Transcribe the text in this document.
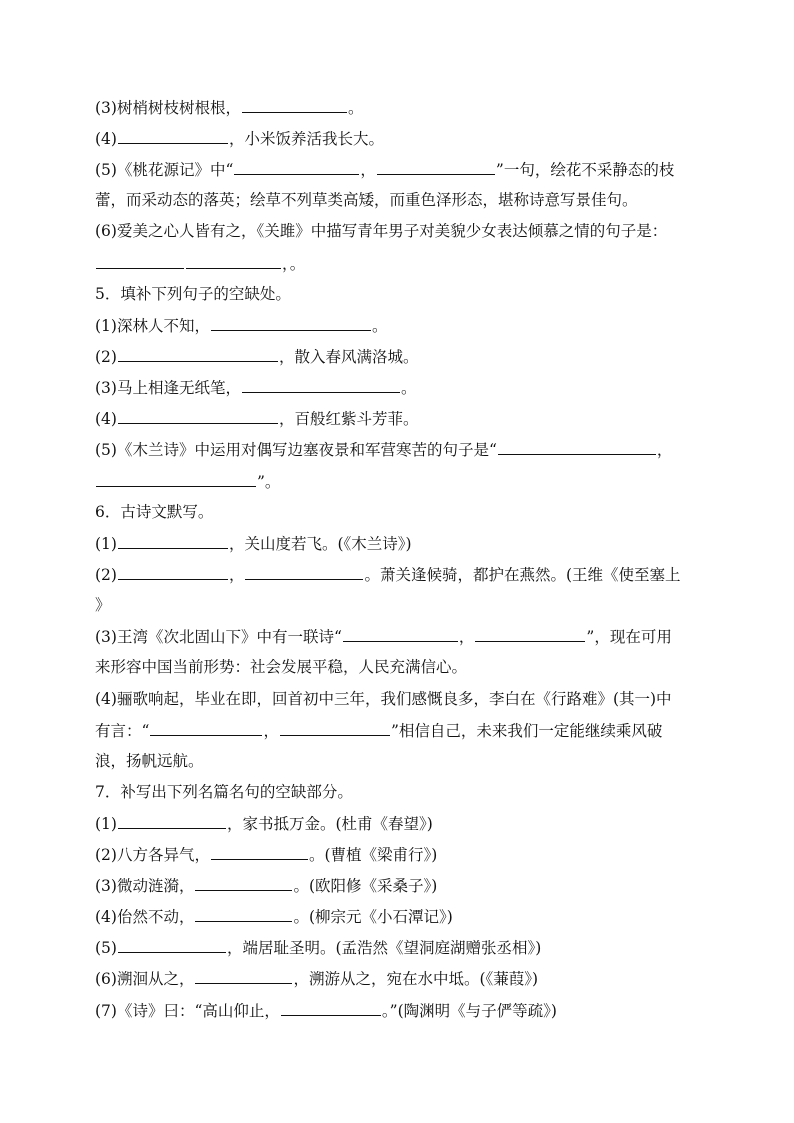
(3)树梢树枝树根根，	。
(4)	，小米饭养活我长大。
(5)《桃花源记》中“	，	”一句，绘花不采静态的枝
蕾，而采动态的落英；绘草不列草类高矮，而重色泽形态，堪称诗意写景佳句。
(6)爱美之心人皆有之，《关雎》中描写青年男子对美貌少女表达倾慕之情的句子是：
，。
5．填补下列句子的空缺处。
(1)深林人不知，	。
(2)	，散入春风满洛城。
(3)马上相逢无纸笔，	。
(4)	，百般红紫斗芳菲。
(5)《木兰诗》中运用对偶写边塞夜景和军营寒苦的句子是“	，
”。
6．古诗文默写。
(1)	，关山度若飞。(《木兰诗》)
(2)	，	。萧关逢候骑，都护在燕然。(王维《使至塞上
》
(3)王湾《次北固山下》中有一联诗“	，	”，现在可用
来形容中国当前形势：社会发展平稳，人民充满信心。
(4)骊歌响起，毕业在即，回首初中三年，我们感慨良多，李白在《行路难》(其一)中
有言：“	，	”相信自己，未来我们一定能继续乘风破
浪，扬帆远航。
7．补写出下列名篇名句的空缺部分。
(1)	，家书抵万金。(杜甫《春望》)
(2)八方各异气，	。(曹植《梁甫行》)
(3)微动涟漪，	。(欧阳修《采桑子》)
(4)佁然不动，	。(柳宗元《小石潭记》)
(5)	，端居耻圣明。(孟浩然《望洞庭湖赠张丞相》)
(6)溯洄从之，	，溯游从之，宛在水中坻。(《蒹葭》)
(7)《诗》曰：“高山仰止，	。”(陶渊明《与子俨等疏》)
